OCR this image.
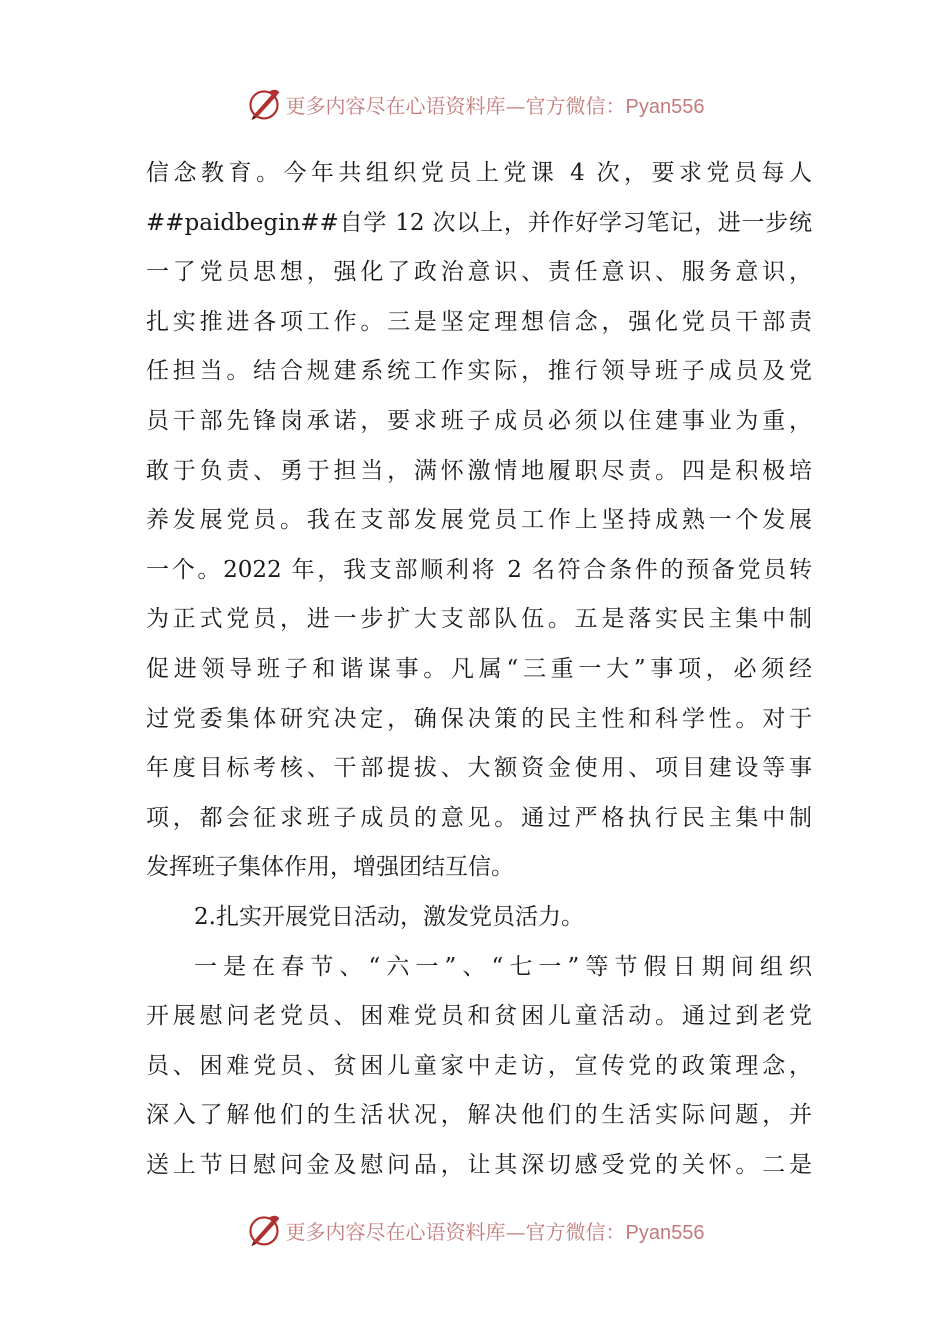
更多内容尽在心语资料库—官方微信：Pyan556
信念教育。今年共组织党员上党课 4 次，要求党员每人
##paidbegin##自学 12 次以上，并作好学习笔记，进一步统
一了党员思想，强化了政治意识、责任意识、服务意识，
扎实推进各项工作。三是坚定理想信念，强化党员干部责
任担当。结合规建系统工作实际，推行领导班子成员及党
员干部先锋岗承诺，要求班子成员必须以住建事业为重，
敢于负责、勇于担当，满怀激情地履职尽责。四是积极培
养发展党员。我在支部发展党员工作上坚持成熟一个发展
一个。2022 年，我支部顺利将 2 名符合条件的预备党员转
为正式党员，进一步扩大支部队伍。五是落实民主集中制
促进领导班子和谐谋事。凡属“三重一大”事项，必须经
过党委集体研究决定，确保决策的民主性和科学性。对于
年度目标考核、干部提拔、大额资金使用、项目建设等事
项，都会征求班子成员的意见。通过严格执行民主集中制
发挥班子集体作用，增强团结互信。
2.扎实开展党日活动，激发党员活力。
一是在春节、“六一”、“七一”等节假日期间组织
开展慰问老党员、困难党员和贫困儿童活动。通过到老党
员、困难党员、贫困儿童家中走访，宣传党的政策理念，
深入了解他们的生活状况，解决他们的生活实际问题，并
送上节日慰问金及慰问品，让其深切感受党的关怀。二是
更多内容尽在心语资料库—官方微信：Pyan556
